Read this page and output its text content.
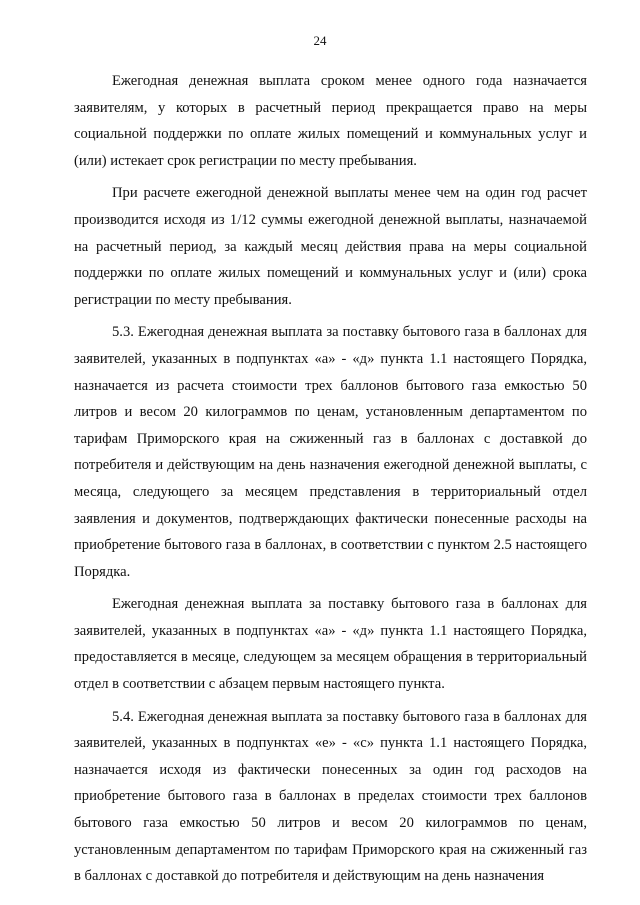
24

Ежегодная денежная выплата сроком менее одного года назначается заявителям, у которых в расчетный период прекращается право на меры социальной поддержки по оплате жилых помещений и коммунальных услуг и (или) истекает срок регистрации по месту пребывания.

При расчете ежегодной денежной выплаты менее чем на один год расчет производится исходя из 1/12 суммы ежегодной денежной выплаты, назначаемой на расчетный период, за каждый месяц действия права на меры социальной поддержки по оплате жилых помещений и коммунальных услуг и (или) срока регистрации по месту пребывания.

5.3. Ежегодная денежная выплата за поставку бытового газа в баллонах для заявителей, указанных в подпунктах «а» - «д» пункта 1.1 настоящего Порядка, назначается из расчета стоимости трех баллонов бытового газа емкостью 50 литров и весом 20 килограммов по ценам, установленным департаментом по тарифам Приморского края на сжиженный газ в баллонах с доставкой до потребителя и действующим на день назначения ежегодной денежной выплаты, с месяца, следующего за месяцем представления в территориальный отдел заявления и документов, подтверждающих фактически понесенные расходы на приобретение бытового газа в баллонах, в соответствии с пунктом 2.5 настоящего Порядка.

Ежегодная денежная выплата за поставку бытового газа в баллонах для заявителей, указанных в подпунктах «а» - «д» пункта 1.1 настоящего Порядка, предоставляется в месяце, следующем за месяцем обращения в территориальный отдел в соответствии с абзацем первым настоящего пункта.

5.4. Ежегодная денежная выплата за поставку бытового газа в баллонах для заявителей, указанных в подпунктах «е» - «с» пункта 1.1 настоящего Порядка, назначается исходя из фактически понесенных за один год расходов на приобретение бытового газа в баллонах в пределах стоимости трех баллонов бытового газа емкостью 50 литров и весом 20 килограммов по ценам, установленным департаментом по тарифам Приморского края на сжиженный газ в баллонах с доставкой до потребителя и действующим на день назначения
